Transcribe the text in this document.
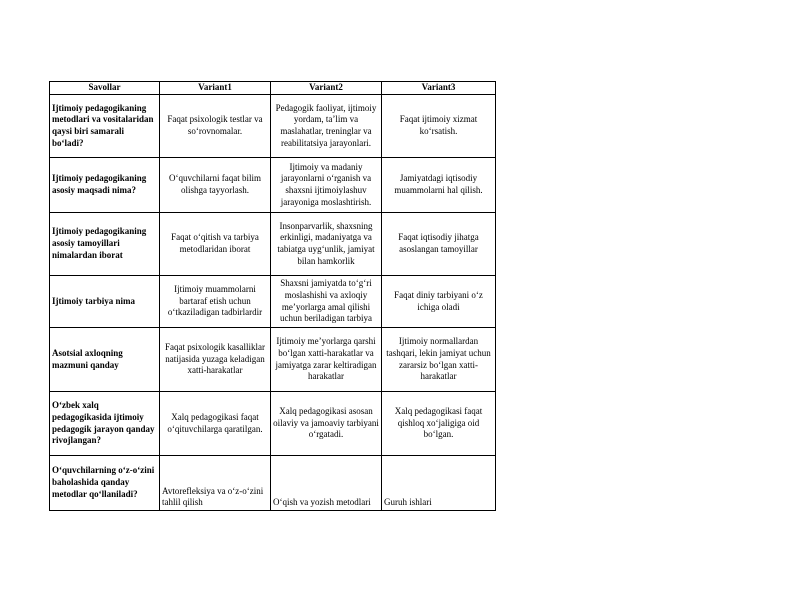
Savollar	Variant1	Variant2	Variant3
Ijtimoiy pedagogikaning metodlari va vositalaridan qaysi biri samarali bo‘ladi?	Faqat psixologik testlar va so‘rovnomalar.	Pedagogik faoliyat, ijtimoiy yordam, ta’lim va maslahatlar, treninglar va reabilitatsiya jarayonlari.	Faqat ijtimoiy xizmat ko‘rsatish.
Ijtimoiy pedagogikaning asosiy maqsadi nima?	O‘quvchilarni faqat bilim olishga tayyorlash.	Ijtimoiy va madaniy jarayonlarni o‘rganish va shaxsni ijtimoiylashuv jarayoniga moslashtirish.	Jamiyatdagi iqtisodiy muammolarni hal qilish.
Ijtimoiy pedagogikaning asosiy tamoyillari nimalardan iborat	Faqat o‘qitish va tarbiya metodlaridan iborat	Insonparvarlik, shaxsning erkinligi, madaniyatga va tabiatga uyg‘unlik, jamiyat bilan hamkorlik	Faqat iqtisodiy jihatga asoslangan tamoyillar
Ijtimoiy tarbiya nima	Ijtimoiy muammolarni bartaraf etish uchun o‘tkaziladigan tadbirlardir	Shaxsni jamiyatda to‘g‘ri moslashishi va axloqiy me’yorlarga amal qilishi uchun beriladigan tarbiya	Faqat diniy tarbiyani o‘z ichiga oladi
Asotsial axloqning mazmuni qanday	Faqat psixologik kasalliklar natijasida yuzaga keladigan xatti-harakatlar	Ijtimoiy me’yorlarga qarshi bo‘lgan xatti-harakatlar va jamiyatga zarar keltiradigan harakatlar	Ijtimoiy normallardan tashqari, lekin jamiyat uchun zararsiz bo‘lgan xatti-harakatlar
O‘zbek xalq pedagogikasida ijtimoiy pedagogik jarayon qanday rivojlangan?	Xalq pedagogikasi faqat o‘qituvchilarga qaratilgan.	Xalq pedagogikasi asosan oilaviy va jamoaviy tarbiyani o‘rgatadi.	Xalq pedagogikasi faqat qishloq xo‘jaligiga oid bo‘lgan.
O‘quvchilarning o‘z-o‘zini baholashida qanday metodlar qo‘llaniladi?	Avtorefleksiya va o‘z-o‘zini tahlil qilish	O‘qish va yozish metodlari	Guruh ishlari
